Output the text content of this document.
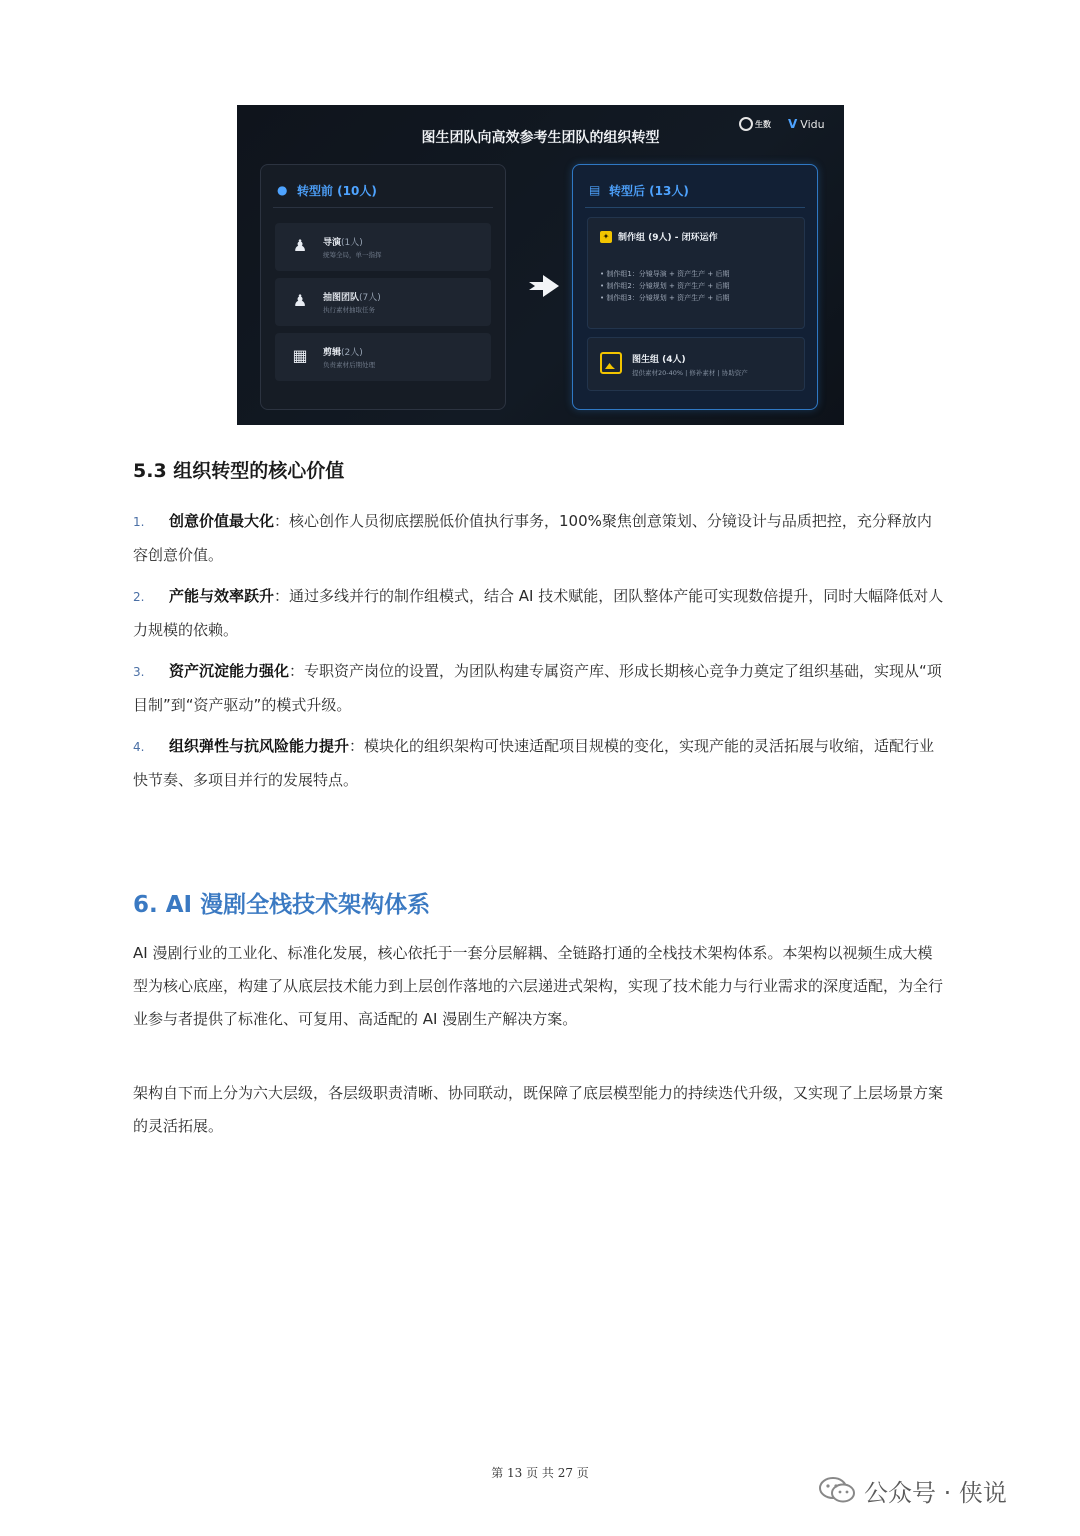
图生团队向高效参考生团队的组织转型
生数 V Vidu
● 转型前 (10人)
♟	导演(1人)
统筹全局，单一指挥
♟	抽图团队(7人)
执行素材抽取任务
▦	剪辑(2人)
负责素材后期处理
▤ 转型后 (13人)
✦ 制作组 (9人) - 闭环运作
• 制作组1：分镜导演 + 资产生产 + 后期
• 制作组2：分镜规划 + 资产生产 + 后期
• 制作组3：分镜规划 + 资产生产 + 后期
图生组 (4人)
提供素材20-40% | 修补素材 | 协助资产
5.3 组织转型的核心价值
1. 创意价值最大化：核心创作人员彻底摆脱低价值执行事务，100%聚焦创意策划、分镜设计与品质把控，充分释放内容创意价值。
2. 产能与效率跃升：通过多线并行的制作组模式，结合 AI 技术赋能，团队整体产能可实现数倍提升，同时大幅降低对人力规模的依赖。
3. 资产沉淀能力强化：专职资产岗位的设置，为团队构建专属资产库、形成长期核心竞争力奠定了组织基础，实现从“项目制”到“资产驱动”的模式升级。
4. 组织弹性与抗风险能力提升：模块化的组织架构可快速适配项目规模的变化，实现产能的灵活拓展与收缩，适配行业快节奏、多项目并行的发展特点。
6. AI 漫剧全栈技术架构体系
AI 漫剧行业的工业化、标准化发展，核心依托于一套分层解耦、全链路打通的全栈技术架构体系。本架构以视频生成大模型为核心底座，构建了从底层技术能力到上层创作落地的六层递进式架构，实现了技术能力与行业需求的深度适配，为全行业参与者提供了标准化、可复用、高适配的 AI 漫剧生产解决方案。
架构自下而上分为六大层级，各层级职责清晰、协同联动，既保障了底层模型能力的持续迭代升级，又实现了上层场景方案的灵活拓展。
第 13 页 共 27 页
公众号 · 侠说
